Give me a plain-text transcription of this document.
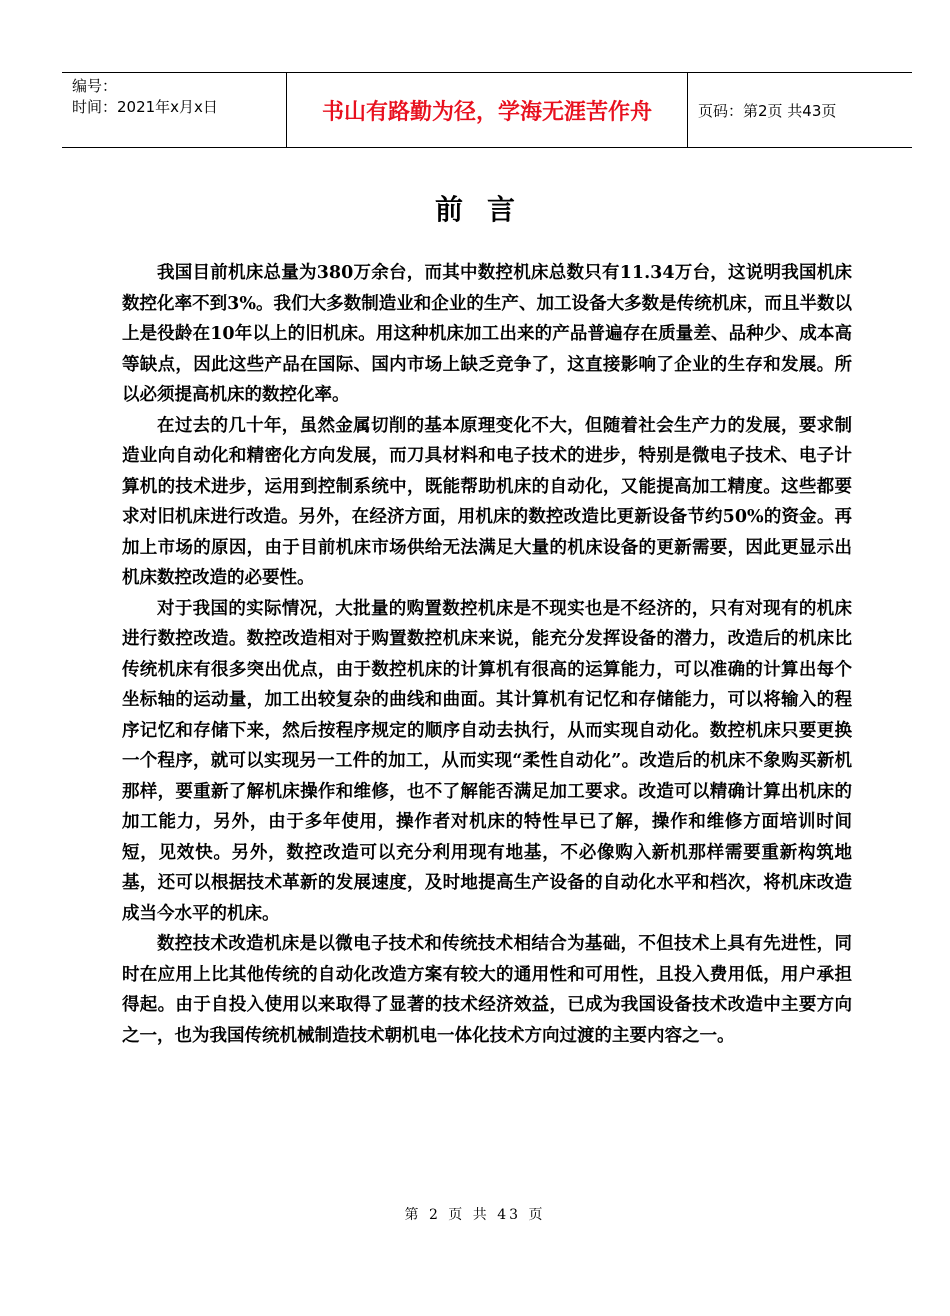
编号：
时间：2021年x月x日	书山有路勤为径，学海无涯苦作舟	页码：第2页 共43页
前言

我国目前机床总量为380万余台，而其中数控机床总数只有11.34万台，这说明我国机床数控化率不到3%。我们大多数制造业和企业的生产、加工设备大多数是传统机床，而且半数以上是役龄在10年以上的旧机床。用这种机床加工出来的产品普遍存在质量差、品种少、成本高等缺点，因此这些产品在国际、国内市场上缺乏竞争了，这直接影响了企业的生存和发展。所以必须提高机床的数控化率。

在过去的几十年，虽然金属切削的基本原理变化不大，但随着社会生产力的发展，要求制造业向自动化和精密化方向发展，而刀具材料和电子技术的进步，特别是微电子技术、电子计算机的技术进步，运用到控制系统中，既能帮助机床的自动化，又能提高加工精度。这些都要求对旧机床进行改造。另外，在经济方面，用机床的数控改造比更新设备节约50%的资金。再加上市场的原因，由于目前机床市场供给无法满足大量的机床设备的更新需要，因此更显示出机床数控改造的必要性。

对于我国的实际情况，大批量的购置数控机床是不现实也是不经济的，只有对现有的机床进行数控改造。数控改造相对于购置数控机床来说，能充分发挥设备的潜力，改造后的机床比传统机床有很多突出优点，由于数控机床的计算机有很高的运算能力，可以准确的计算出每个坐标轴的运动量，加工出较复杂的曲线和曲面。其计算机有记忆和存储能力，可以将输入的程序记忆和存储下来，然后按程序规定的顺序自动去执行，从而实现自动化。数控机床只要更换一个程序，就可以实现另一工件的加工，从而实现“柔性自动化”。改造后的机床不象购买新机那样，要重新了解机床操作和维修，也不了解能否满足加工要求。改造可以精确计算出机床的加工能力，另外，由于多年使用，操作者对机床的特性早已了解，操作和维修方面培训时间短，见效快。另外，数控改造可以充分利用现有地基，不必像购入新机那样需要重新构筑地基，还可以根据技术革新的发展速度，及时地提高生产设备的自动化水平和档次，将机床改造成当今水平的机床。

数控技术改造机床是以微电子技术和传统技术相结合为基础，不但技术上具有先进性，同时在应用上比其他传统的自动化改造方案有较大的通用性和可用性，且投入费用低，用户承担得起。由于自投入使用以来取得了显著的技术经济效益，已成为我国设备技术改造中主要方向之一，也为我国传统机械制造技术朝机电一体化技术方向过渡的主要内容之一。

第 2 页 共 43 页
